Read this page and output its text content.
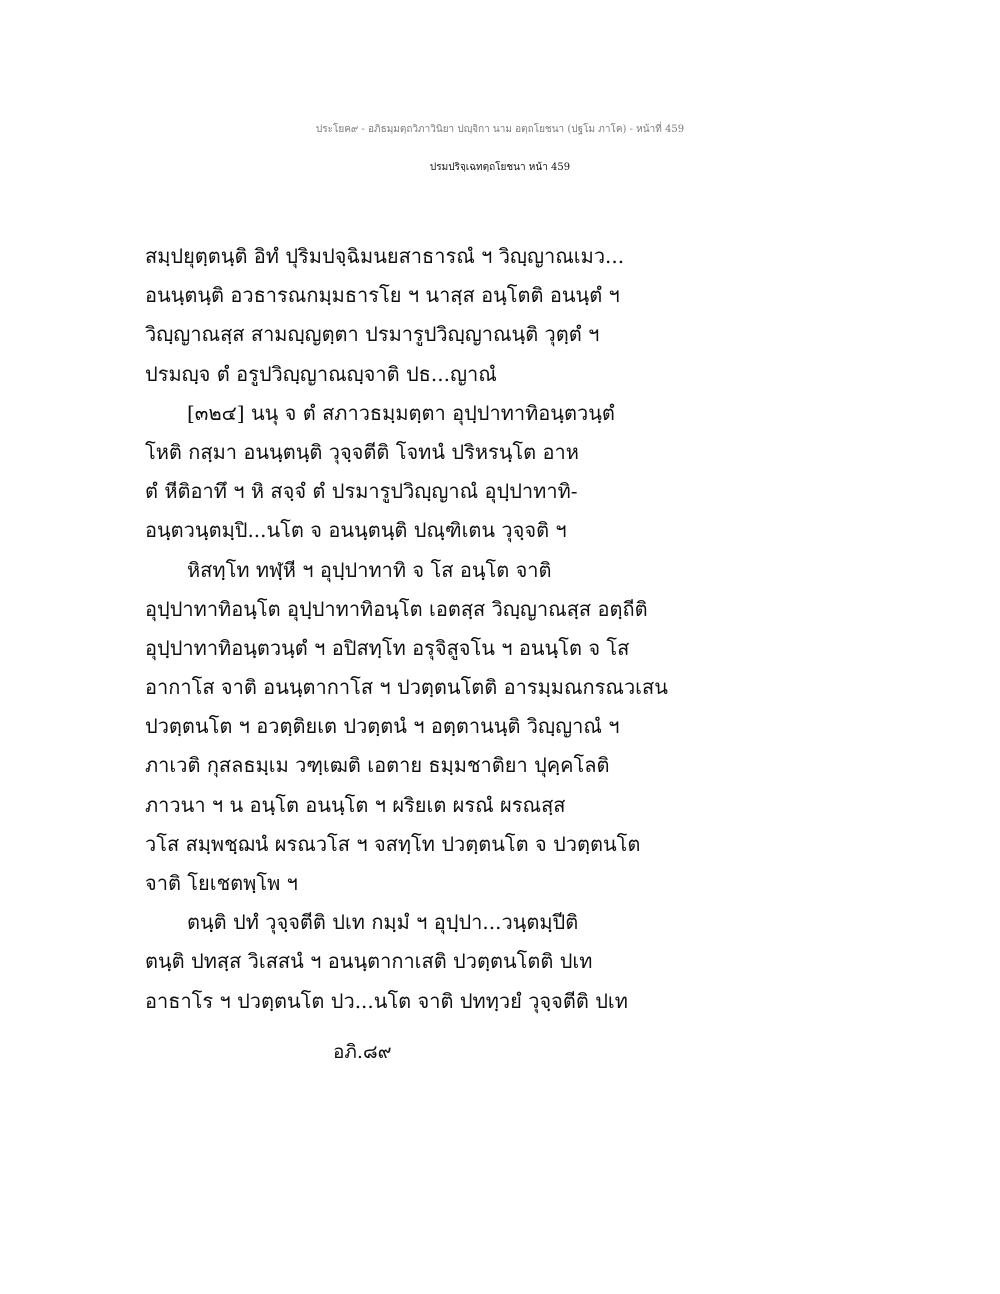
ประโยค๙ - อภิธมฺมตฺถวิภาวินิยา ปญฺจิกา นาม อตฺถโยชนา (ปฐโม ภาโค) - หน้าที่ 459
ปรมปริจฺเฉทตฺถโยชนา หน้า 459
สมฺปยุตฺตนฺติ อิทํ ปุริมปจฺฉิมนยสาธารณํ ฯ วิญฺญาณเมว...
อนนฺตนฺติ อวธารณกมฺมธารโย ฯ นาสฺส อนฺโตติ อนนฺตํ ฯ
วิญฺญาณสฺส สามญฺญตฺตา ปรมารูปวิญฺญาณนฺติ วุตฺตํ ฯ
ปรมญฺจ ตํ อรูปวิญฺญาณญฺจาติ ปธ...ญาณํ
[๓๒๔] นนุ จ ตํ สภาวธมฺมตฺตา อุปฺปาทาทิอนฺตวนฺตํ
โหติ กสฺมา อนนฺตนฺติ วุจฺจตีติ โจทนํ ปริหรนฺโต อาห
ตํ หีติอาทึ ฯ หิ สจฺจํ ตํ ปรมารูปวิญฺญาณํ อุปฺปาทาทิ-
อนฺตวนฺตมฺปิ...นโต จ อนนฺตนฺติ ปณฺฑิเตน วุจฺจติ ฯ
หิสทฺโท ทฬฺหี ฯ อุปฺปาทาทิ จ โส อนฺโต จาติ
อุปฺปาทาทิอนฺโต อุปฺปาทาทิอนฺโต เอตสฺส วิญฺญาณสฺส อตฺถีติ
อุปฺปาทาทิอนฺตวนฺตํ ฯ อปิสทฺโท อรุจิสูจโน ฯ อนนฺโต จ โส
อากาโส จาติ อนนฺตากาโส ฯ ปวตฺตนโตติ อารมฺมณกรณวเสน
ปวตฺตนโต ฯ อวตฺติยเต ปวตฺตนํ ฯ อตฺตานนฺติ วิญฺญาณํ ฯ
ภาเวติ กุสลธมฺเม วฑฺเฒติ เอตาย ธมฺมชาติยา ปุคฺคโลติ
ภาวนา ฯ น อนฺโต อนนฺโต ฯ ผริยเต ผรณํ ผรณสฺส
วโส สมฺพชฺฌนํ ผรณวโส ฯ จสทฺโท ปวตฺตนโต จ ปวตฺตนโต
จาติ โยเชตพฺโพ ฯ
ตนฺติ ปทํ วุจฺจตีติ ปเท กมฺมํ ฯ อุปฺปา...วนฺตมฺปีติ
ตนฺติ ปทสฺส วิเสสนํ ฯ อนนฺตากาเสติ ปวตฺตนโตติ ปเท
อาธาโร ฯ ปวตฺตนโต ปว...นโต จาติ ปททฺวยํ วุจฺจตีติ ปเท
อภิ.๘๙
